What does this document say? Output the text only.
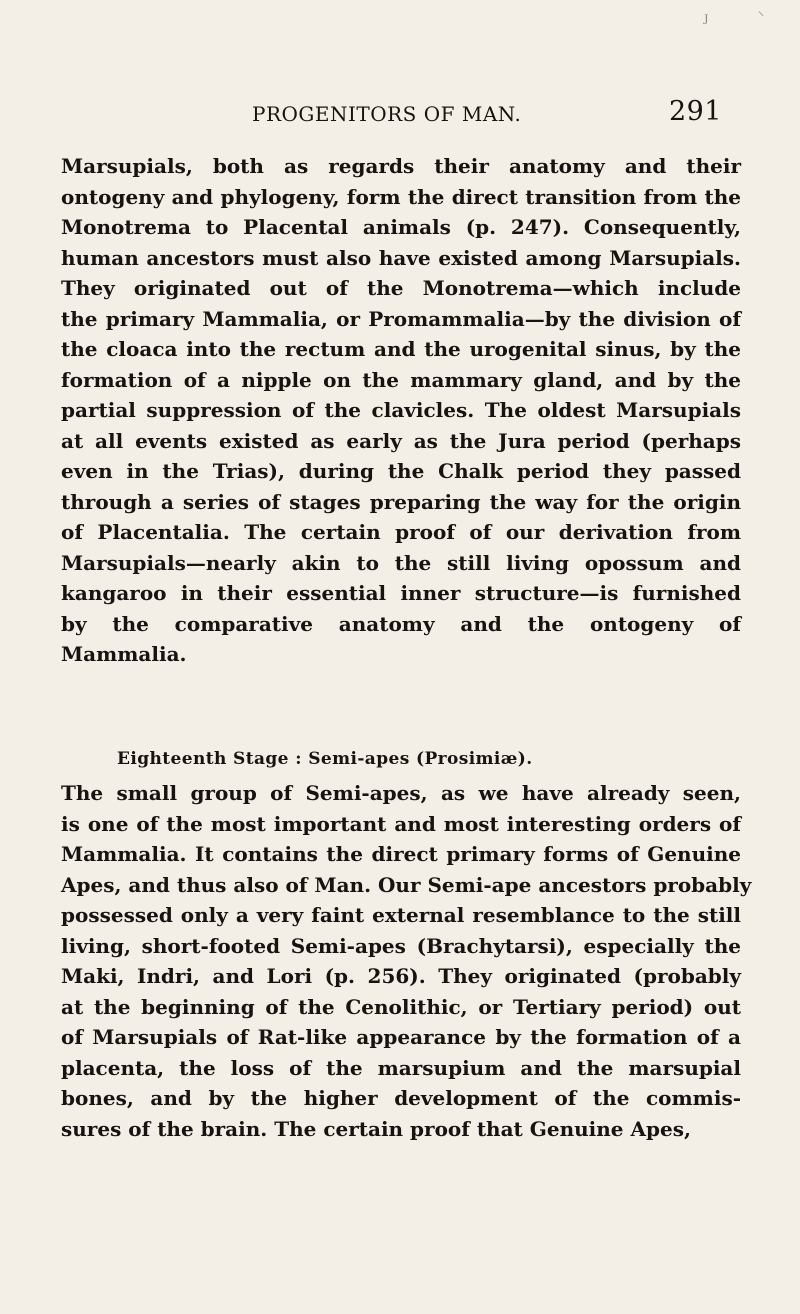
ᴶ	⸌
PROGENITORS OF MAN.	291

Marsupials, both as regards their anatomy and their
ontogeny and phylogeny, form the direct transition from the
Monotrema to Placental animals (p. 247). Consequently,
human ancestors must also have existed among Marsupials.
They originated out of the Monotrema—which include
the primary Mammalia, or Promammalia—by the division of
the cloaca into the rectum and the urogenital sinus, by the
formation of a nipple on the mammary gland, and by the
partial suppression of the clavicles. The oldest Marsupials
at all events existed as early as the Jura period (perhaps
even in the Trias), during the Chalk period they passed
through a series of stages preparing the way for the origin
of Placentalia. The certain proof of our derivation from
Marsupials—nearly akin to the still living opossum and
kangaroo in their essential inner structure—is furnished
by the comparative anatomy and the ontogeny of
Mammalia.

Eighteenth Stage : Semi-apes (Prosimiæ).

The small group of Semi-apes, as we have already seen,
is one of the most important and most interesting orders of
Mammalia. It contains the direct primary forms of Genuine
Apes, and thus also of Man. Our Semi-ape ancestors probably
possessed only a very faint external resemblance to the still
living, short-footed Semi-apes (Brachytarsi), especially the
Maki, Indri, and Lori (p. 256). They originated (probably
at the beginning of the Cenolithic, or Tertiary period) out
of Marsupials of Rat-like appearance by the formation of a
placenta, the loss of the marsupium and the marsupial
bones, and by the higher development of the commis-
sures of the brain. The certain proof that Genuine Apes,
